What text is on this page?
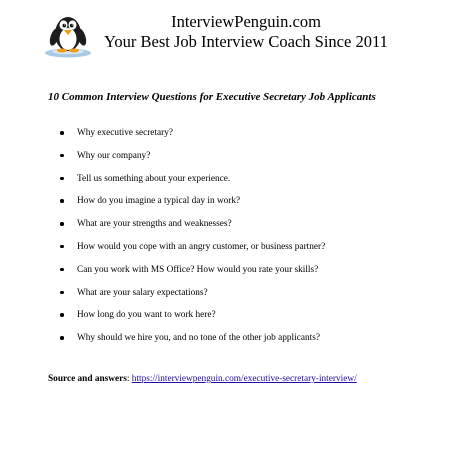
InterviewPenguin.com
Your Best Job Interview Coach Since 2011
10 Common Interview Questions for Executive Secretary Job Applicants
Why executive secretary?
Why our company?
Tell us something about your experience.
How do you imagine a typical day in work?
What are your strengths and weaknesses?
How would you cope with an angry customer, or business partner?
Can you work with MS Office? How would you rate your skills?
What are your salary expectations?
How long do you want to work here?
Why should we hire you, and no tone of the other job applicants?
Source and answers: https://interviewpenguin.com/executive-secretary-interview/
